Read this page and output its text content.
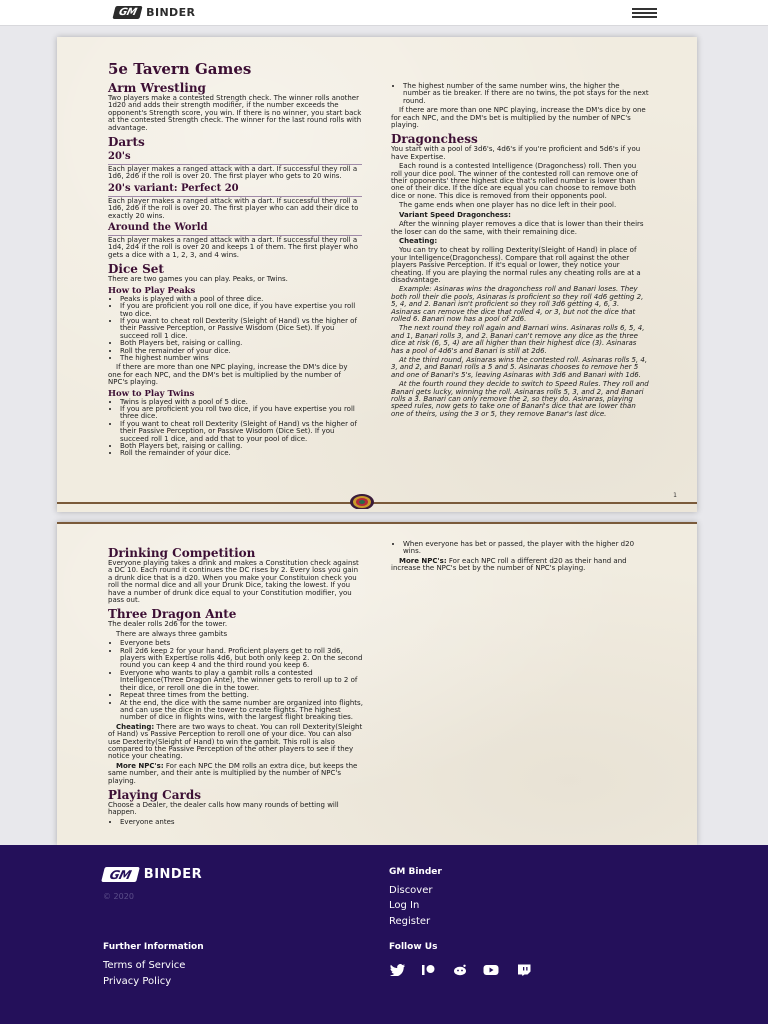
GM BINDER
5e Tavern Games
Arm Wrestling

Two players make a contested Strength check. The winner rolls another 1d20 and adds their strength modifier, if the number exceeds the opponent's Strength score, you win. If there is no winner, you start back at the contested Strength check. The winner for the last round rolls with advantage.

Darts
20's

Each player makes a ranged attack with a dart. If successful they roll a 1d6, 2d6 if the roll is over 20. The first player who gets to 20 wins.

20's variant: Perfect 20

Each player makes a ranged attack with a dart. If successful they roll a 1d6, 2d6 if the roll is over 20. The first player who can add their dice to exactly 20 wins.

Around the World

Each player makes a ranged attack with a dart. If successful they roll a 1d4, 2d4 if the roll is over 20 and keeps 1 of them. The first player who gets a dice with a 1, 2, 3, and 4 wins.

Dice Set

There are two games you can play. Peaks, or Twins.

How to Play Peaks
• Peaks is played with a pool of three dice.
• If you are proficient you roll one dice, if you have expertise you roll two dice.
• If you want to cheat roll Dexterity (Sleight of Hand) vs the higher of their Passive Perception, or Passive Wisdom (Dice Set). If you succeed roll 1 dice.
• Both Players bet, raising or calling.
• Roll the remainder of your dice.
• The highest number wins

If there are more than one NPC playing, increase the DM's dice by one for each NPC, and the DM's bet is multiplied by the number of NPC's playing.

How to Play Twins
• Twins is played with a pool of 5 dice.
• If you are proficient you roll two dice, if you have expertise you roll three dice.
• If you want to cheat roll Dexterity (Sleight of Hand) vs the higher of their Passive Perception, or Passive Wisdom (Dice Set). If you succeed roll 1 dice, and add that to your pool of dice.
• Both Players bet, raising or calling.
• Roll the remainder of your dice.
• The highest number of the same number wins, the higher the number as tie breaker. If there are no twins, the pot stays for the next round.

If there are more than one NPC playing, increase the DM's dice by one for each NPC, and the DM's bet is multiplied by the number of NPC's playing.

Dragonchess

You start with a pool of 3d6's, 4d6's if you're proficient and 5d6's if you have Expertise.

Each round is a contested Intelligence (Dragonchess) roll. Then you roll your dice pool. The winner of the contested roll can remove one of their opponents' three highest dice that's rolled number is lower than one of their dice. If the dice are equal you can choose to remove both dice or none. This dice is removed from their opponents pool.

The game ends when one player has no dice left in their pool.

Variant Speed Dragonchess:

After the winning player removes a dice that is lower than their theirs the loser can do the same, with their remaining dice.

Cheating:

You can try to cheat by rolling Dexterity(Sleight of Hand) in place of your Intelligence(Dragonchess). Compare that roll against the other players Passive Perception. If it's equal or lower, they notice your cheating. If you are playing the normal rules any cheating rolls are at a disadvantage.

Example: Asinaras wins the dragonchess roll and Banari loses. They both roll their die pools, Asinaras is proficient so they roll 4d6 getting 2, 5, 4, and 2. Banari isn't proficient so they roll 3d6 getting 4, 6, 3. Asinaras can remove the dice that rolled 4, or 3, but not the dice that rolled 6. Banari now has a pool of 2d6.

The next round they roll again and Barnari wins. Asinaras rolls 6, 5, 4, and 1, Banari rolls 3, and 2. Banari can't remove any dice as the three dice at risk (6, 5, 4) are all higher than their highest dice (3). Asinaras has a pool of 4d6's and Banari is still at 2d6.

At the third round, Asinaras wins the contested roll. Asinaras rolls 5, 4, 3, and 2, and Banari rolls a 5 and 5. Asinaras chooses to remove her 5 and one of Banari's 5's, leaving Asinaras with 3d6 and Banari with 1d6.

At the fourth round they decide to switch to Speed Rules. They roll and Banari gets lucky, winning the roll. Asinaras rolls 5, 3, and 2, and Banari rolls a 3. Banari can only remove the 2, so they do. Asinaras, playing speed rules, now gets to take one of Banari's dice that are lower than one of theirs, using the 3 or 5, they remove Banar's last dice.

1
Drinking Competition

Everyone playing takes a drink and makes a Constitution check against a DC 10. Each round it continues the DC rises by 2. Every loss you gain a drunk dice that is a d20. When you make your Constituion check you roll the normal dice and all your Drunk Dice, taking the lowest. If you have a number of drunk dice equal to your Constitution modifier, you pass out.

Three Dragon Ante

The dealer rolls 2d6 for the tower.

There are always three gambits

• Everyone bets
• Roll 2d6 keep 2 for your hand. Proficient players get to roll 3d6, players with Expertise rolls 4d6, but both only keep 2. On the second round you can keep 4 and the third round you keep 6.
• Everyone who wants to play a gambit rolls a contested Intelligence(Three Dragon Ante), the winner gets to reroll up to 2 of their dice, or reroll one die in the tower.
• Repeat three times from the betting.
• At the end, the dice with the same number are organized into flights, and can use the dice in the tower to create flights. The highest number of dice in flights wins, with the largest flight breaking ties.

Cheating: There are two ways to cheat. You can roll Dexterity(Sleight of Hand) vs Passive Perception to reroll one of your dice. You can also use Dexterity(Sleight of Hand) to win the gambit. This roll is also compared to the Passive Perception of the other players to see if they notice your cheating.

More NPC's: For each NPC the DM rolls an extra dice, but keeps the same number, and their ante is multiplied by the number of NPC's playing.

Playing Cards

Choose a Dealer, the dealer calls how many rounds of betting will happen.

• Everyone antes
• When everyone has bet or passed, the player with the higher d20 wins.

More NPC's: For each NPC roll a different d20 as their hand and increase the NPC's bet by the number of NPC's playing.

GM BINDER
© 2020
GM Binder
Discover
Log In
Register
Further Information
Terms of Service
Privacy Policy
Follow Us
